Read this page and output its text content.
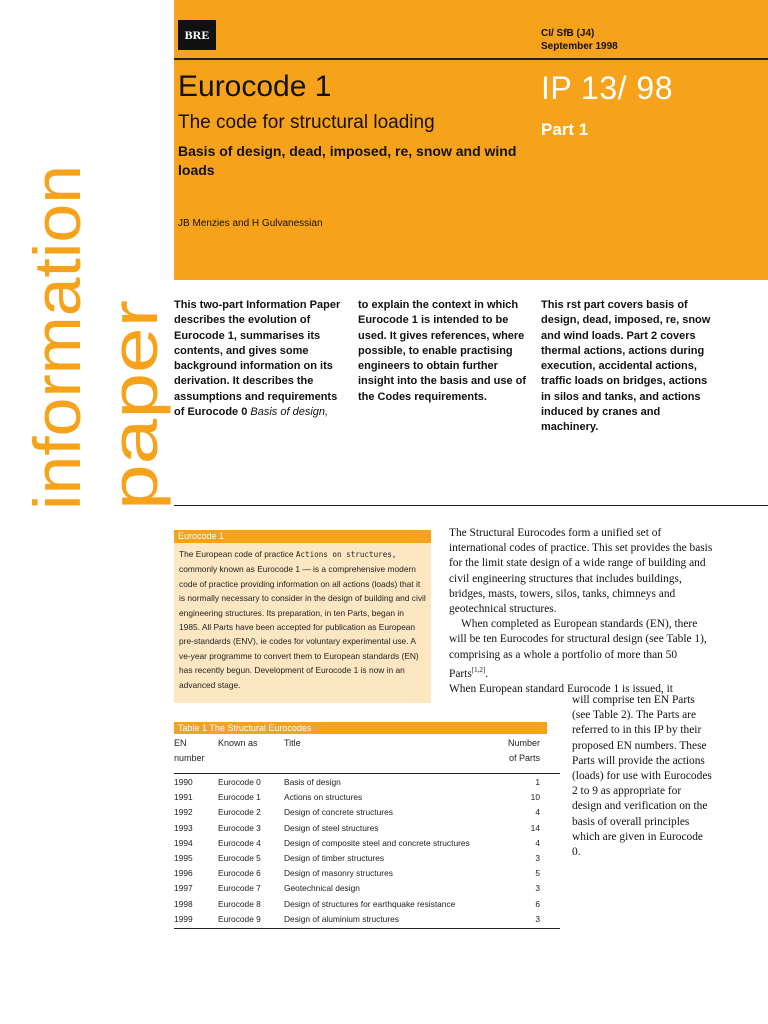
information paper
BRE	CI/ SfB (J4)
September 1998
Eurocode 1
The code for structural loading
Basis of design, dead, imposed, re, snow and wind loads
JB Menzies and H Gulvanessian
IP 13/ 98
Part 1
This two-part Information Paper describes the evolution of Eurocode 1, summarises its contents, and gives some background information on its derivation. It describes the assumptions and requirements of Eurocode 0 Basis of design,
to explain the context in which Eurocode 1 is intended to be used. It gives references, where possible, to enable practising engineers to obtain further insight into the basis and use of the Codes requirements.
This rst part covers basis of design, dead, imposed, re, snow and wind loads. Part 2 covers thermal actions, actions during execution, accidental actions, traffic loads on bridges, actions in silos and tanks, and actions induced by cranes and machinery.
Eurocode 1
The European code of practice Actions on structures, commonly known as Eurocode 1 — is a comprehensive modern code of practice providing information on all actions (loads) that it is normally necessary to consider in the design of building and civil engineering structures. Its preparation, in ten Parts, began in 1985. All Parts have been accepted for publication as European pre-standards (ENV), ie codes for voluntary experimental use. A ve-year programme to convert them to European standards (EN) has recently begun. Development of Eurocode 1 is now in an advanced stage.
Table 1 The Structural Eurocodes
EN
number
Known as	Title	Number
of Parts
1990	Eurocode 0	Basis of design	1
1991	Eurocode 1	Actions on structures	10
1992	Eurocode 2	Design of concrete structures	4
1993	Eurocode 3	Design of steel structures	14
1994	Eurocode 4	Design of composite steel and concrete structures	4
1995	Eurocode 5	Design of timber structures	3
1996	Eurocode 6	Design of masonry structures	5
1997	Eurocode 7	Geotechnical design	3
1998	Eurocode 8	Design of structures for earthquake resistance	6
1999	Eurocode 9	Design of aluminium structures	3

The Structural Eurocodes form a unified set of international codes of practice. This set provides the basis for the limit state design of a wide range of building and civil engineering structures that includes buildings, bridges, masts, towers, silos, tanks, chimneys and geotechnical structures.

When completed as European standards (EN), there will be ten Eurocodes for structural design (see Table 1), comprising as a whole a portfolio of more than 50 Parts[1,2].

When European standard Eurocode 1 is issued, it

will comprise ten EN Parts (see Table 2). The Parts are referred to in this IP by their proposed EN numbers. These Parts will provide the actions (loads) for use with Eurocodes 2 to 9 as appropriate for design and verification on the basis of overall principles which are given in Eurocode 0.
